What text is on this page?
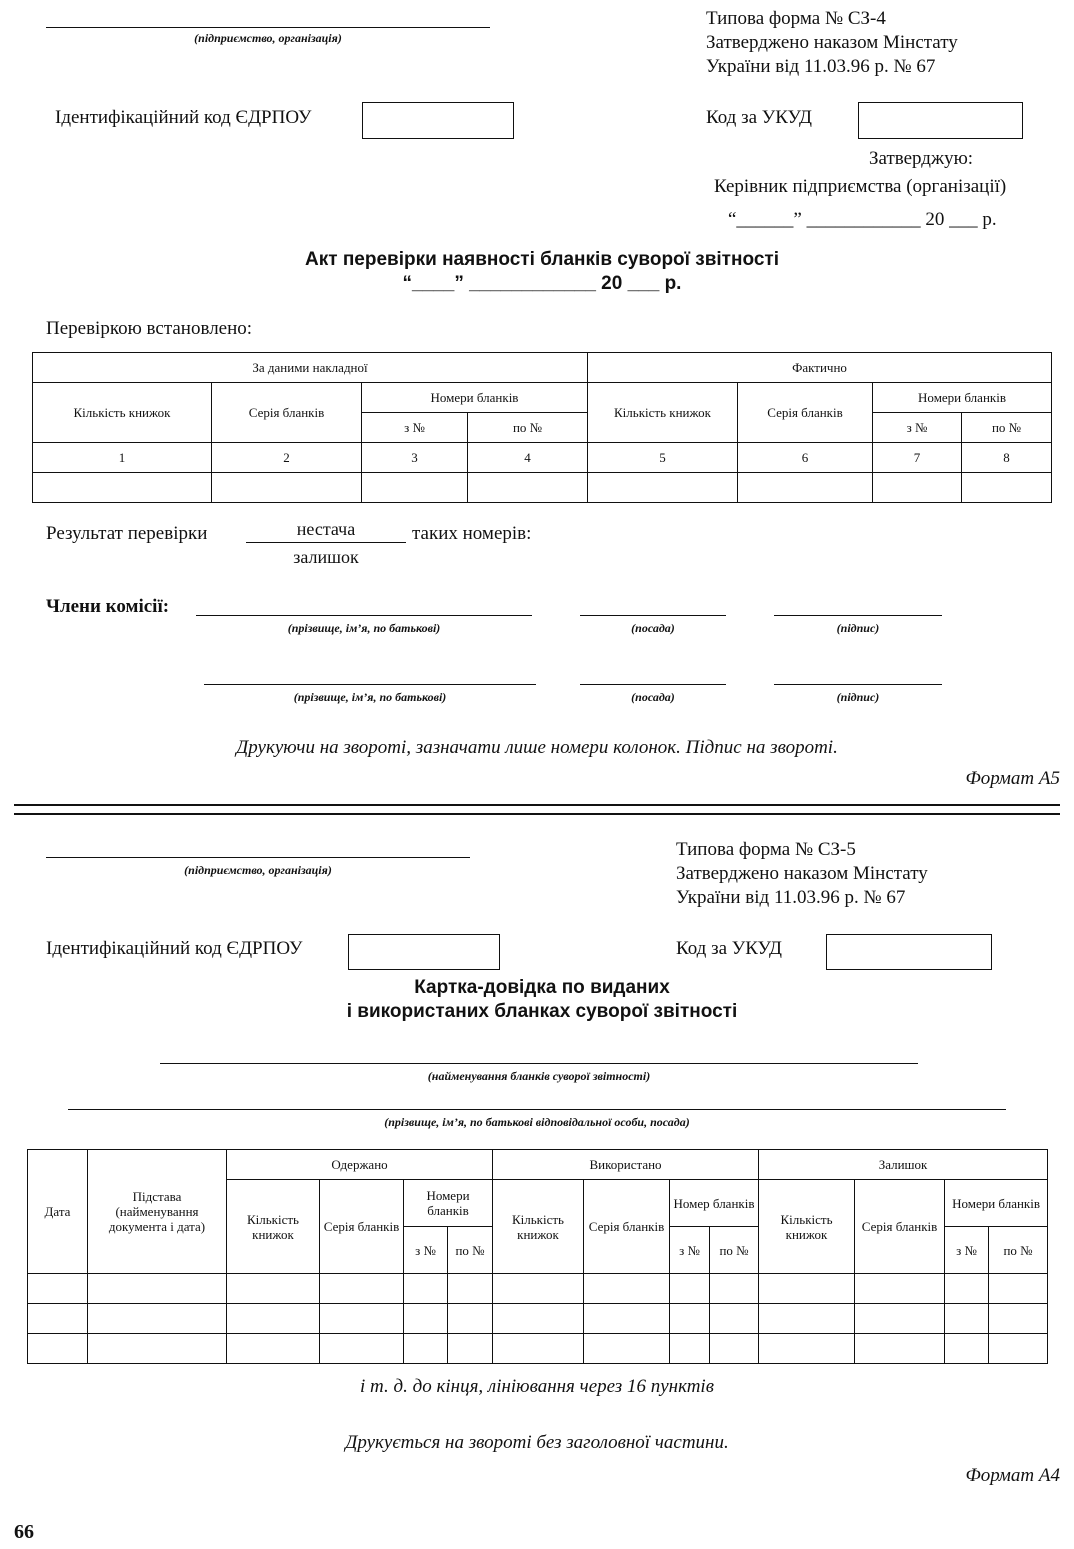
(підприємство, організація)
Типова форма № СЗ-4
Затверджено наказом Мінстату
України від 11.03.96 р. № 67
Ідентифікаційний код ЄДРПОУ	Код за УКУД
Затверджую:
Керівник підприємства (організації)
“______” ____________ 20 ___ р.
Акт перевірки наявності бланків суворої звітності
“____” ____________ 20 ___ р.
Перевіркою встановлено:
За даними накладної				Фактично			
Кількість книжок	Серія бланків	Номери бланків		Кількість книжок	Серія бланків	Номери бланків	
		з №	по №			з №	по №
1	2	3	4	5	6	7	8

Результат перевірки	нестача
залишок
таких номерів:
Члени комісії:
(прізвище, ім’я, по батькові)	(посада)	(підпис)
(прізвище, ім’я, по батькові)	(посада)	(підпис)
Друкуючи на звороті, зазначати лише номери колонок. Підпис на звороті.
Формат А5
(підприємство, організація)
Типова форма № СЗ-5
Затверджено наказом Мінстату
України від 11.03.96 р. № 67
Ідентифікаційний код ЄДРПОУ	Код за УКУД
Картка-довідка по виданих
і використаних бланках суворої звітності
(найменування бланків суворої звітності)
(прізвище, ім’я, по батькові відповідальної особи, посада)
Дата	Підстава (найменування документа і дата)	Одержано				Використано				Залишок			
		Кількість книжок	Серія бланків	Номери бланків		Кількість книжок	Серія бланків	Номер бланків		Кількість книжок	Серія бланків	Номери бланків	
				з №	по №			з №	по №			з №	по №

і т. д. до кінця, лініювання через 16 пунктів
Друкується на звороті без заголовної частини.
Формат А4
66
